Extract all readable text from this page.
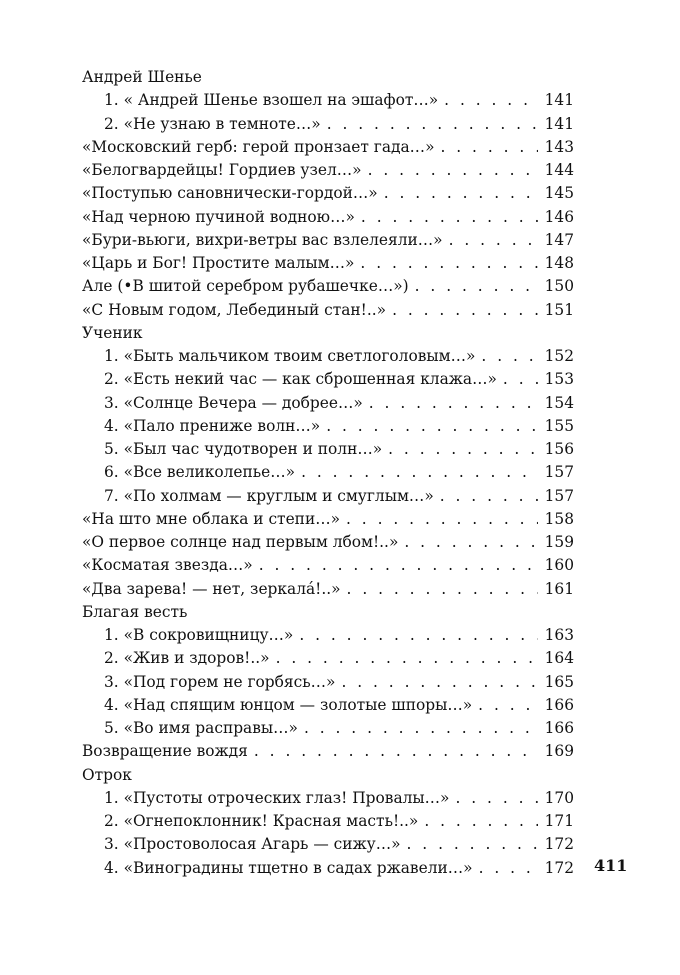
Андрей Шенье
1. « Андрей Шенье взошел на эшафот…» . . .	141
2. «Не узнаю в темноте…» . . .	141
«Московский герб: герой пронзает гада…» . . .	143
«Белогвардейцы! Гордиев узел…» . . .	144
«Поступью сановнически-гордой…» . . .	145
«Над черною пучиной водною…» . . .	146
«Бури-вьюги, вихри-ветры вас взлелеяли…» . . .	147
«Царь и Бог! Простите малым…» . . .	148
Але (•В шитой серебром рубашечке…») . . .	150
«С Новым годом, Лебединый стан!..» . . .	151
Ученик
1. «Быть мальчиком твоим светлоголовым…» . . .	152
2. «Есть некий час — как сброшенная клажа…» . . .	153
3. «Солнце Вечера — добрее…» . . .	154
4. «Пало прениже волн…» . . .	155
5. «Был час чудотворен и полн…» . . .	156
6. «Все великолепье…» . . .	157
7. «По холмам — круглым и смуглым…» . . .	157
«На што мне облака и степи…» . . .	158
«О первое солнце над первым лбом!..» . . .	159
«Косматая звезда…» . . .	160
«Два зарева! — нет, зеркала́!..» . . .	161
Благая весть
1. «В сокровищницу…» . . .	163
2. «Жив и здоров!..» . . .	164
3. «Под горем не горбясь…» . . .	165
4. «Над спящим юнцом — золотые шпоры…» . . .	166
5. «Во имя расправы…» . . .	166
Возвращение вождя . . .	169
Отрок
1. «Пустоты отроческих глаз! Провалы…» . . .	170
2. «Огнепоклонник! Красная масть!..» . . .	171
3. «Простоволосая Агарь — сижу…» . . .	172
4. «Виноградины тщетно в садах ржавели…» . . .	172 411
